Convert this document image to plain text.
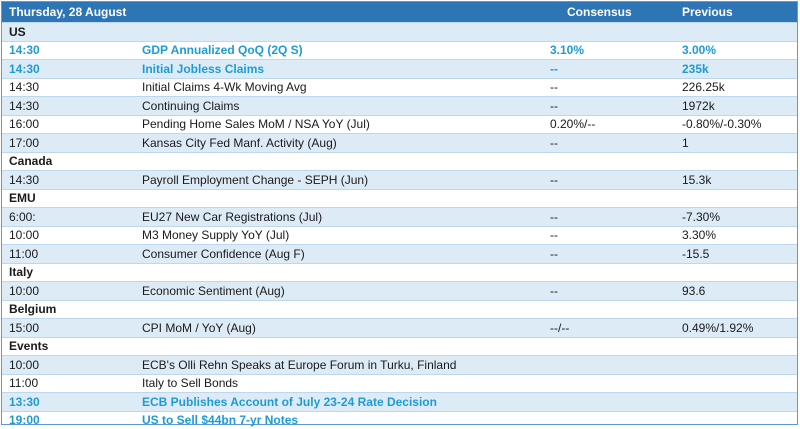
Thursday, 28 August	Consensus	Previous
US
14:30	GDP Annualized QoQ (2Q S)	3.10%	3.00%
14:30	Initial Jobless Claims	--	235k
14:30	Initial Claims 4-Wk Moving Avg	--	226.25k
14:30	Continuing Claims	--	1972k
16:00	Pending Home Sales MoM / NSA YoY (Jul)	0.20%/--	-0.80%/-0.30%
17:00	Kansas City Fed Manf. Activity (Aug)	--	1
Canada
14:30	Payroll Employment Change - SEPH (Jun)	--	15.3k
EMU
6:00:	EU27 New Car Registrations (Jul)	--	-7.30%
10:00	M3 Money Supply YoY (Jul)	--	3.30%
11:00	Consumer Confidence (Aug F)	--	-15.5
Italy
10:00	Economic Sentiment (Aug)	--	93.6
Belgium
15:00	CPI MoM / YoY (Aug)	--/--	0.49%/1.92%
Events
10:00	ECB's Olli Rehn Speaks at Europe Forum in Turku, Finland
11:00	Italy to Sell Bonds
13:30	ECB Publishes Account of July 23-24 Rate Decision
19:00	US to Sell $44bn 7-yr Notes
